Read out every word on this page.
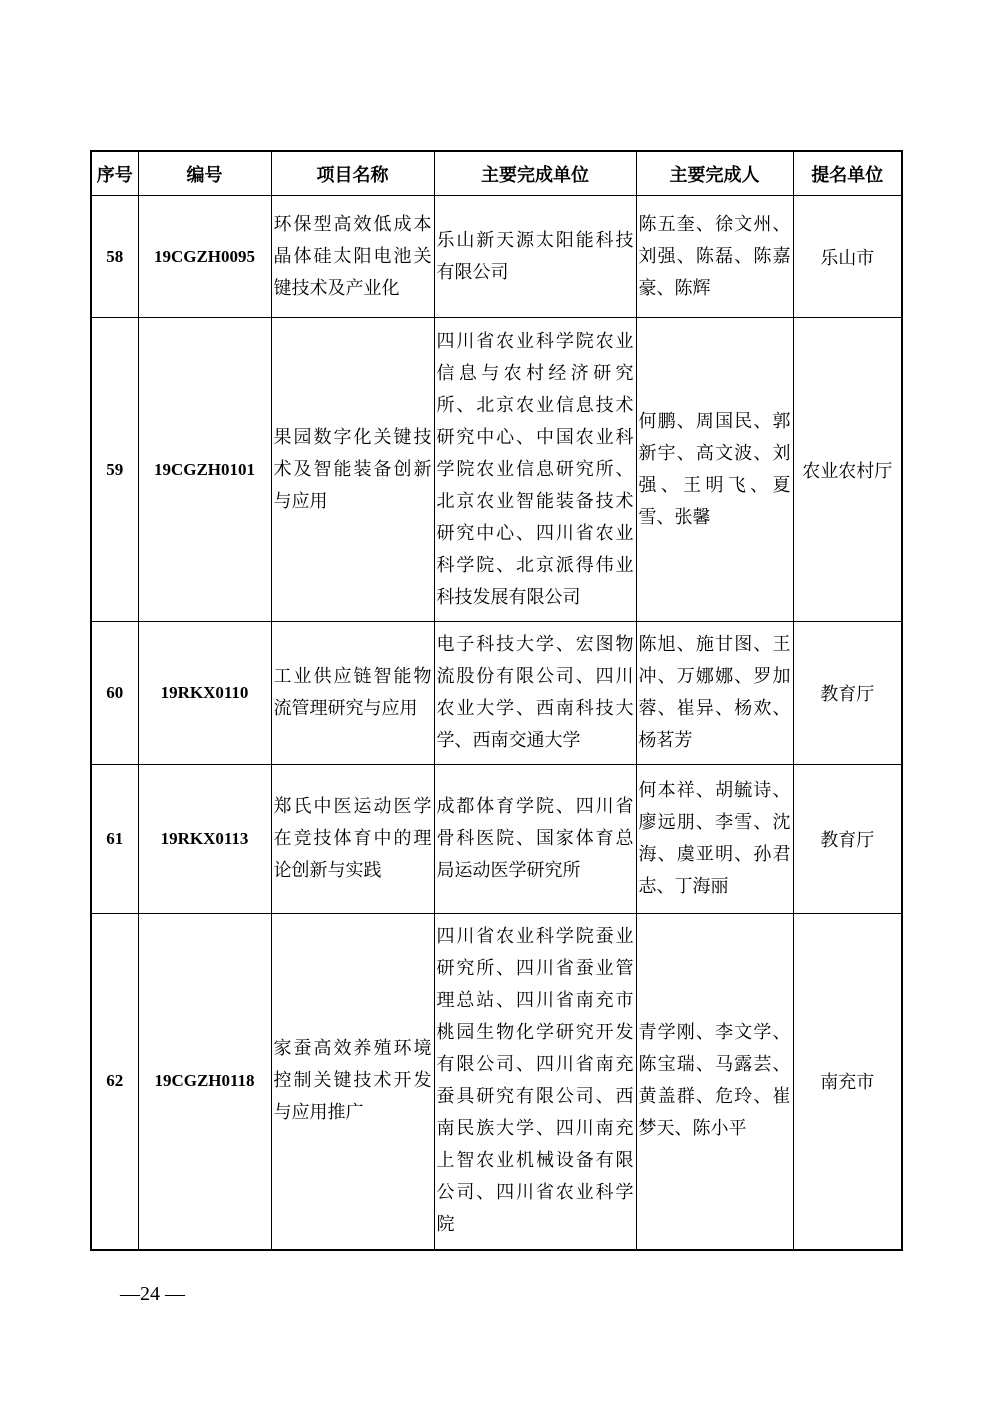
序号	编号	项目名称	主要完成单位	主要完成人	提名单位
58	19CGZH0095	环保型高效低成本晶体硅太阳电池关键技术及产业化	乐山新天源太阳能科技有限公司	陈五奎、徐文州、刘强、陈磊、陈嘉豪、陈辉	乐山市
59	19CGZH0101	果园数字化关键技术及智能装备创新与应用	四川省农业科学院农业信息与农村经济研究所、北京农业信息技术研究中心、中国农业科学院农业信息研究所、北京农业智能装备技术研究中心、四川省农业科学院、北京派得伟业科技发展有限公司	何鹏、周国民、郭新宇、高文波、刘强、王明飞、夏雪、张馨	农业农村厅
60	19RKX0110	工业供应链智能物流管理研究与应用	电子科技大学、宏图物流股份有限公司、四川农业大学、西南科技大学、西南交通大学	陈旭、施甘图、王冲、万娜娜、罗加蓉、崔异、杨欢、杨茗芳	教育厅
61	19RKX0113	郑氏中医运动医学在竞技体育中的理论创新与实践	成都体育学院、四川省骨科医院、国家体育总局运动医学研究所	何本祥、胡毓诗、廖远朋、李雪、沈海、虞亚明、孙君志、丁海丽	教育厅
62	19CGZH0118	家蚕高效养殖环境控制关键技术开发与应用推广	四川省农业科学院蚕业研究所、四川省蚕业管理总站、四川省南充市桃园生物化学研究开发有限公司、四川省南充蚕具研究有限公司、西南民族大学、四川南充上智农业机械设备有限公司、四川省农业科学院	青学刚、李文学、陈宝瑞、马露芸、黄盖群、危玲、崔梦天、陈小平	南充市
—24 —
